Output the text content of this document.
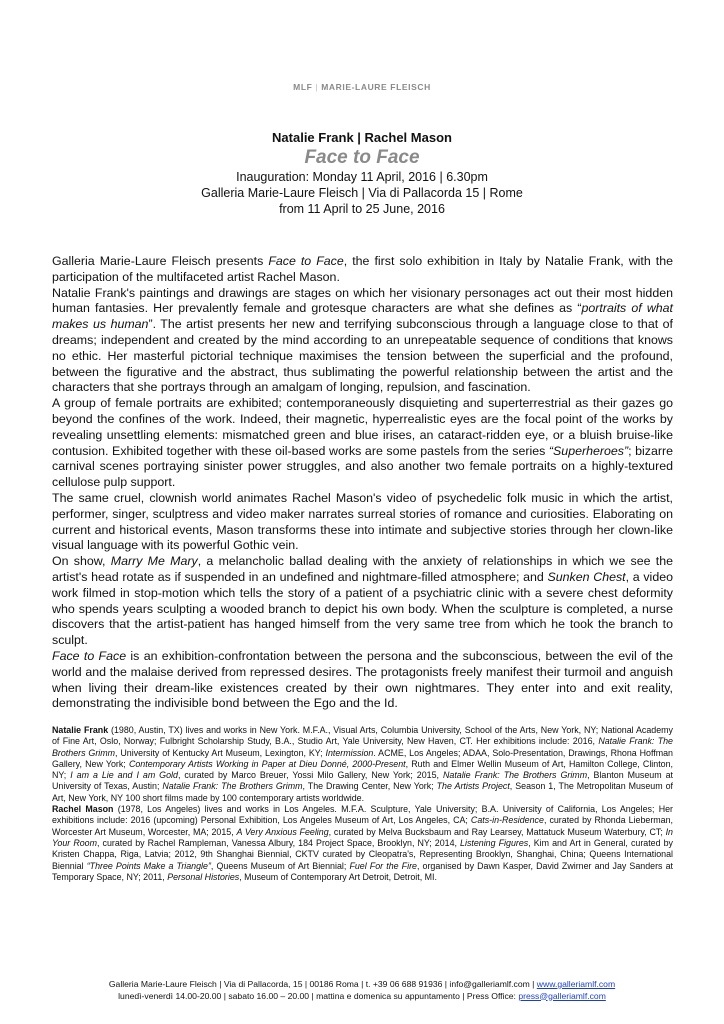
MLF | MARIE-LAURE FLEISCH
Natalie Frank | Rachel Mason
Face to Face
Inauguration: Monday 11 April, 2016 | 6.30pm
Galleria Marie-Laure Fleisch | Via di Pallacorda 15 | Rome
from 11 April to 25 June, 2016

Galleria Marie-Laure Fleisch presents Face to Face, the first solo exhibition in Italy by Natalie Frank, with the participation of the multifaceted artist Rachel Mason.

Natalie Frank's paintings and drawings are stages on which her visionary personages act out their most hidden human fantasies. Her prevalently female and grotesque characters are what she defines as “portraits of what makes us human”. The artist presents her new and terrifying subconscious through a language close to that of dreams; independent and created by the mind according to an unrepeatable sequence of conditions that knows no ethic. Her masterful pictorial technique maximises the tension between the superficial and the profound, between the figurative and the abstract, thus sublimating the powerful relationship between the artist and the characters that she portrays through an amalgam of longing, repulsion, and fascination.

A group of female portraits are exhibited; contemporaneously disquieting and superterrestrial as their gazes go beyond the confines of the work. Indeed, their magnetic, hyperrealistic eyes are the focal point of the works by revealing unsettling elements: mismatched green and blue irises, an cataract-ridden eye, or a bluish bruise-like contusion. Exhibited together with these oil-based works are some pastels from the series “Superheroes”; bizarre carnival scenes portraying sinister power struggles, and also another two female portraits on a highly-textured cellulose pulp support.

The same cruel, clownish world animates Rachel Mason's video of psychedelic folk music in which the artist, performer, singer, sculptress and video maker narrates surreal stories of romance and curiosities. Elaborating on current and historical events, Mason transforms these into intimate and subjective stories through her clown-like visual language with its powerful Gothic vein.

On show, Marry Me Mary, a melancholic ballad dealing with the anxiety of relationships in which we see the artist's head rotate as if suspended in an undefined and nightmare-filled atmosphere; and Sunken Chest, a video work filmed in stop-motion which tells the story of a patient of a psychiatric clinic with a severe chest deformity who spends years sculpting a wooded branch to depict his own body. When the sculpture is completed, a nurse discovers that the artist-patient has hanged himself from the very same tree from which he took the branch to sculpt.

Face to Face is an exhibition-confrontation between the persona and the subconscious, between the evil of the world and the malaise derived from repressed desires. The protagonists freely manifest their turmoil and anguish when living their dream-like existences created by their own nightmares. They enter into and exit reality, demonstrating the indivisible bond between the Ego and the Id.

Natalie Frank (1980, Austin, TX) lives and works in New York. M.F.A., Visual Arts, Columbia University, School of the Arts, New York, NY; National Academy of Fine Art, Oslo, Norway; Fulbright Scholarship Study, B.A., Studio Art, Yale University, New Haven, CT. Her exhibitions include: 2016, Natalie Frank: The Brothers Grimm, University of Kentucky Art Museum, Lexington, KY; Intermission. ACME, Los Angeles; ADAA, Solo-Presentation, Drawings, Rhona Hoffman Gallery, New York; Contemporary Artists Working in Paper at Dieu Donné, 2000-Present, Ruth and Elmer Wellin Museum of Art, Hamilton College, Clinton, NY; I am a Lie and I am Gold, curated by Marco Breuer, Yossi Milo Gallery, New York; 2015, Natalie Frank: The Brothers Grimm, Blanton Museum at University of Texas, Austin; Natalie Frank: The Brothers Grimm, The Drawing Center, New York; The Artists Project, Season 1, The Metropolitan Museum of Art, New York, NY 100 short films made by 100 contemporary artists worldwide.

Rachel Mason (1978, Los Angeles) lives and works in Los Angeles. M.F.A. Sculpture, Yale University; B.A. University of California, Los Angeles; Her exhibitions include: 2016 (upcoming) Personal Exhibition, Los Angeles Museum of Art, Los Angeles, CA; Cats-in-Residence, curated by Rhonda Lieberman, Worcester Art Museum, Worcester, MA; 2015, A Very Anxious Feeling, curated by Melva Bucksbaum and Ray Learsey, Mattatuck Museum Waterbury, CT; In Your Room, curated by Rachel Rampleman, Vanessa Albury, 184 Project Space, Brooklyn, NY; 2014, Listening Figures, Kim and Art in General, curated by Kristen Chappa, Riga, Latvia; 2012, 9th Shanghai Biennial, CKTV curated by Cleopatra's, Representing Brooklyn, Shanghai, China; Queens International Biennial “Three Points Make a Triangle”, Queens Museum of Art Biennial; Fuel For the Fire, organised by Dawn Kasper, David Zwirner and Jay Sanders at Temporary Space, NY; 2011, Personal Histories, Museum of Contemporary Art Detroit, Detroit, MI.

Galleria Marie-Laure Fleisch | Via di Pallacorda, 15 | 00186 Roma | t. +39 06 688 91936 | info@galleriamlf.com | www.galleriamlf.com
lunedì-venerdì 14.00-20.00 | sabato 16.00 – 20.00 | mattina e domenica su appuntamento | Press Office: press@galleriamlf.com
